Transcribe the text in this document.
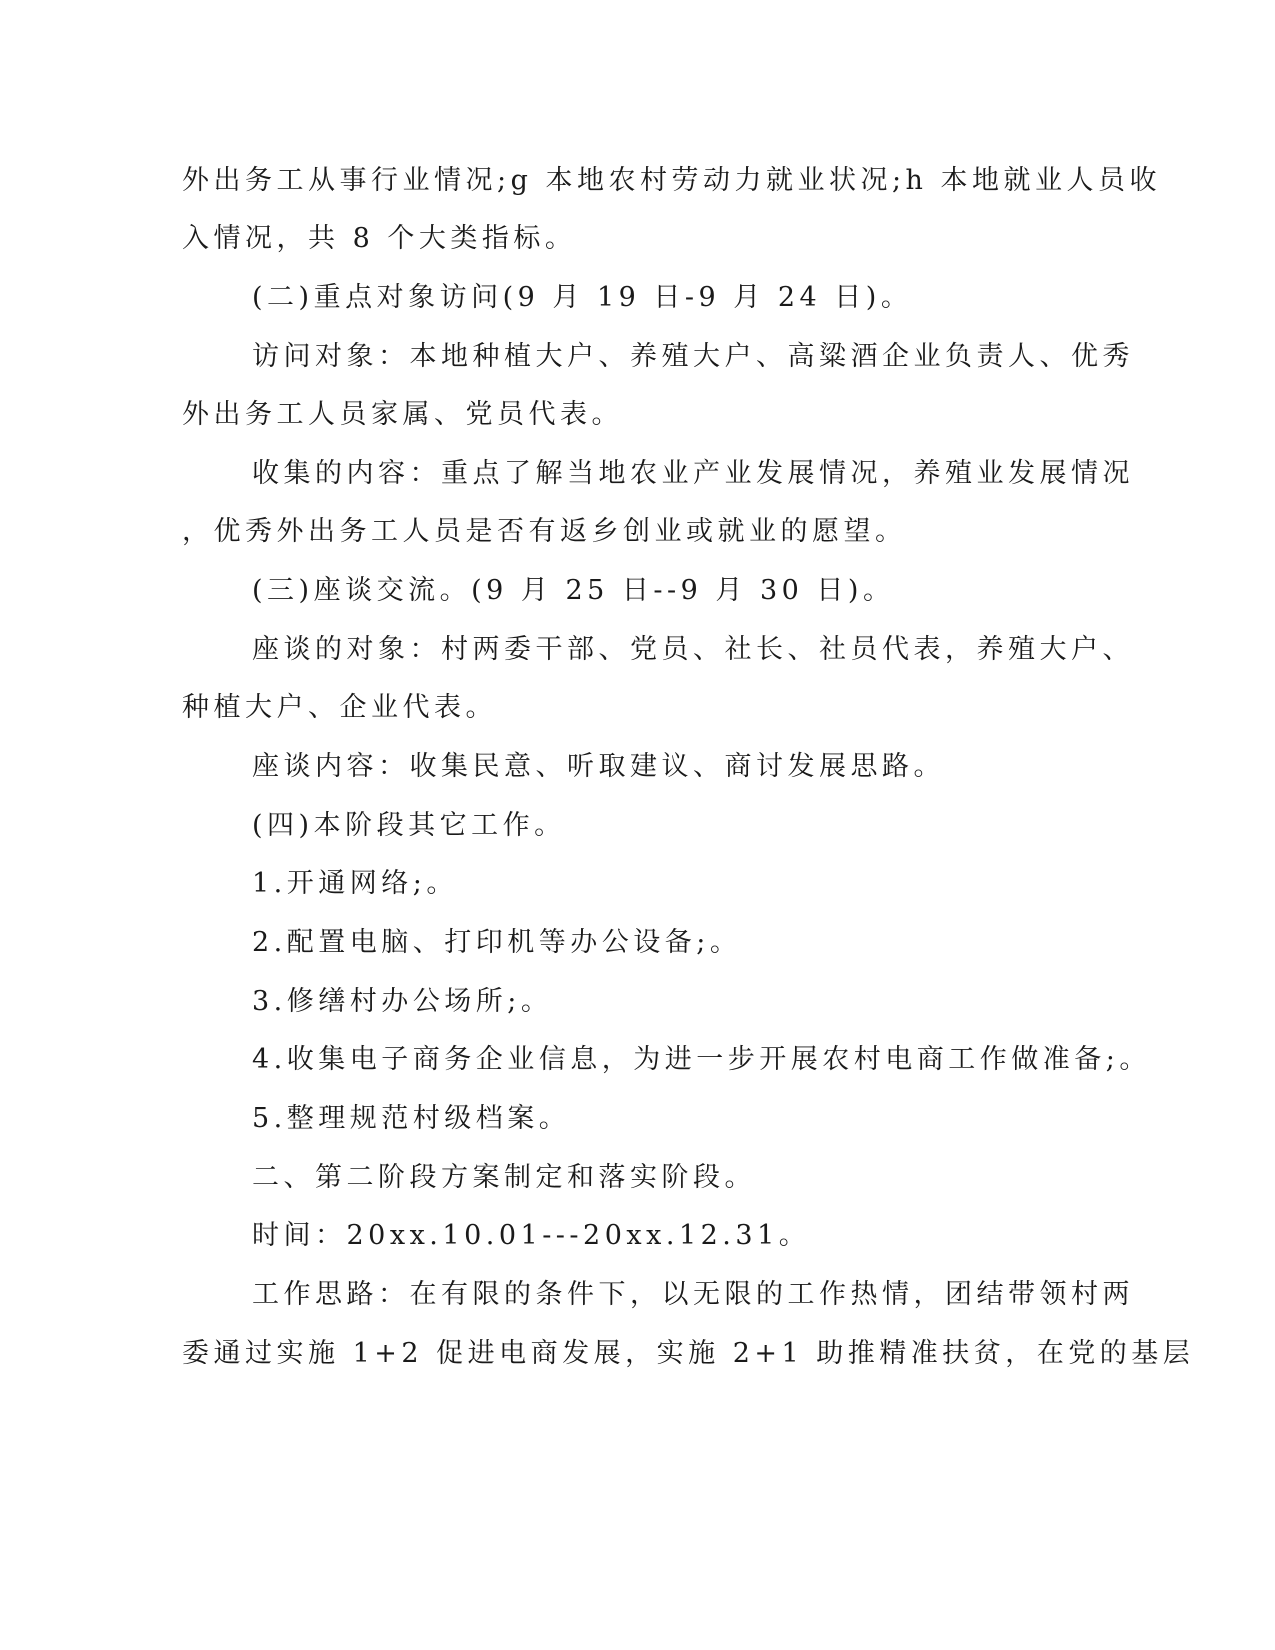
外出务工从事行业情况;g 本地农村劳动力就业状况;h 本地就业人员收

入情况，共 8 个大类指标。

(二)重点对象访问(9 月 19 日-9 月 24 日)。

访问对象：本地种植大户、养殖大户、高粱酒企业负责人、优秀

外出务工人员家属、党员代表。

收集的内容：重点了解当地农业产业发展情况，养殖业发展情况

，优秀外出务工人员是否有返乡创业或就业的愿望。

(三)座谈交流。(9 月 25 日--9 月 30 日)。

座谈的对象：村两委干部、党员、社长、社员代表，养殖大户、

种植大户、企业代表。

座谈内容：收集民意、听取建议、商讨发展思路。

(四)本阶段其它工作。

1.开通网络;。

2.配置电脑、打印机等办公设备;。

3.修缮村办公场所;。

4.收集电子商务企业信息，为进一步开展农村电商工作做准备;。

5.整理规范村级档案。

二、第二阶段方案制定和落实阶段。

时间：20xx.10.01---20xx.12.31。

工作思路：在有限的条件下，以无限的工作热情，团结带领村两

委通过实施 1+2 促进电商发展，实施 2+1 助推精准扶贫，在党的基层
